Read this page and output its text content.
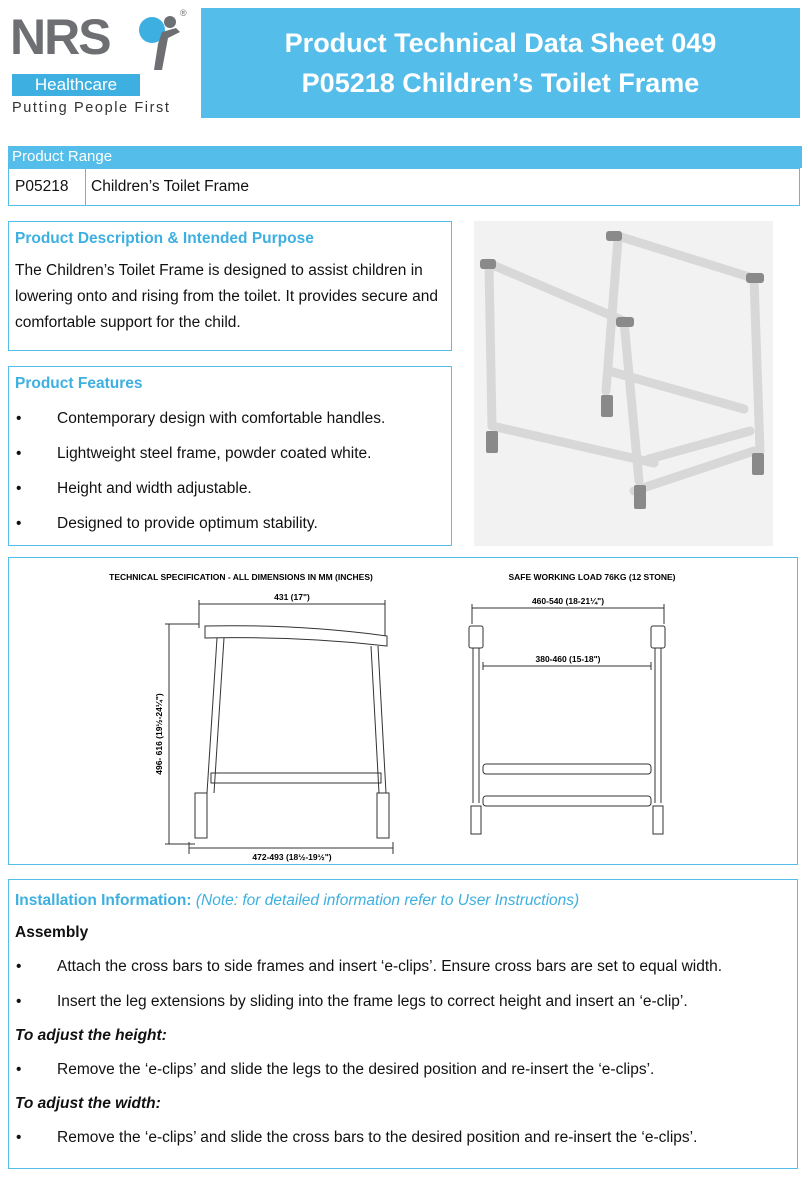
NRS	®
Healthcare
Putting People First
Product Technical Data Sheet 049
P05218 Children’s Toilet Frame
Product Range
P05218	Children’s Toilet Frame
Product Description & Intended Purpose

The Children’s Toilet Frame is designed to assist children in lowering onto and rising from the toilet. It provides secure and comfortable support for the child.

Product Features
• Contemporary design with comfortable handles.
• Lightweight steel frame, powder coated white.
• Height and width adjustable.
• Designed to provide optimum stability.
TECHNICAL SPECIFICATION - ALL DIMENSIONS IN MM (INCHES)	SAFE WORKING LOAD 76KG (12 STONE)
431 (17")
472-493 (18½-19½")
496- 616 (19½-24¼")
460-540 (18-21¼")
380-460 (15-18")
Installation Information: (Note: for detailed information refer to User Instructions)
Assembly
• Attach the cross bars to side frames and insert ‘e-clips’. Ensure cross bars are set to equal width.
• Insert the leg extensions by sliding into the frame legs to correct height and insert an ‘e-clip’.
To adjust the height:
• Remove the ‘e-clips’ and slide the legs to the desired position and re-insert the ‘e-clips’.
To adjust the width:
• Remove the ‘e-clips’ and slide the cross bars to the desired position and re-insert the ‘e-clips’.
